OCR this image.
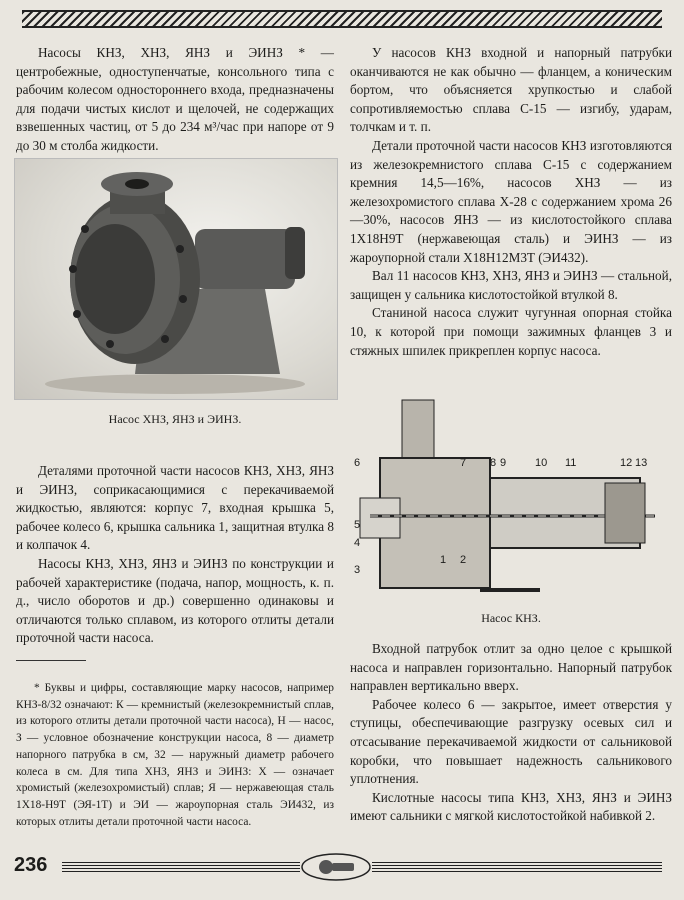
Насосы КНЗ, ХНЗ, ЯНЗ и ЭИНЗ * — центробежные, одноступенчатые, консольного типа с рабочим колесом одностороннего входа, предназначены для подачи чистых кислот и щелочей, не содержащих взвешенных частиц, от 5 до 234 м³/час при напоре от 9 до 30 м столба жидкости.

Насос ХНЗ, ЯНЗ и ЭИНЗ.

Деталями проточной части насосов КНЗ, ХНЗ, ЯНЗ и ЭИНЗ, соприкасающимися с перекачиваемой жидкостью, являются: корпус 7, входная крышка 5, рабочее колесо 6, крышка сальника 1, защитная втулка 8 и колпачок 4.

Насосы КНЗ, ХНЗ, ЯНЗ и ЭИНЗ по конструкции и рабочей характеристике (подача, напор, мощность, к. п. д., число оборотов и др.) совершенно одинаковы и отличаются только сплавом, из которого отлиты детали проточной части насоса.

* Буквы и цифры, составляющие марку насосов, например КНЗ-8/32 означают: К — кремнистый (железокремнистый сплав, из которого отлиты детали проточной части насоса), Н — насос, З — условное обозначение конструкции насоса, 8 — диаметр напорного патрубка в см, 32 — наружный диаметр рабочего колеса в см. Для типа ХНЗ, ЯНЗ и ЭИНЗ: Х — означает хромистый (железохромистый) сплав; Я — нержавеющая сталь 1Х18-Н9Т (ЭЯ-1Т) и ЭИ — жароупорная сталь ЭИ432, из которых отлиты детали проточной части насоса.

У насосов КНЗ входной и напорный патрубки оканчиваются не как обычно — фланцем, а коническим бортом, что объясняется хрупкостью и слабой сопротивляемостью сплава С-15 — изгибу, ударам, толчкам и т. п.

Детали проточной части насосов КНЗ изготовляются из железокремнистого сплава С-15 с содержанием кремния 14,5—16%, насосов ХНЗ — из железохромистого сплава Х-28 с содержанием хрома 26—30%, насосов ЯНЗ — из кислотостойкого сплава 1Х18Н9Т (нержавеющая сталь) и ЭИНЗ — из жароупорной стали Х18Н12М3Т (ЭИ432).

Вал 11 насосов КНЗ, ХНЗ, ЯНЗ и ЭИНЗ — стальной, защищен у сальника кислотостойкой втулкой 8.

Станиной насоса служит чугунная опорная стойка 10, к которой при помощи зажимных фланцев 3 и стяжных шпилек прикреплен корпус насоса.

6
5
4
3
7 8 9	10 11	12 13
1 2
Насос КНЗ.

Входной патрубок отлит за одно целое с крышкой насоса и направлен горизонтально. Напорный патрубок направлен вертикально вверх.

Рабочее колесо 6 — закрытое, имеет отверстия у ступицы, обеспечивающие разгрузку осевых сил и отсасывание перекачиваемой жидкости от сальниковой коробки, что повышает надежность сальникового уплотнения.

Кислотные насосы типа КНЗ, ХНЗ, ЯНЗ и ЭИНЗ имеют сальники с мягкой кислотостойкой набивкой 2.

236
